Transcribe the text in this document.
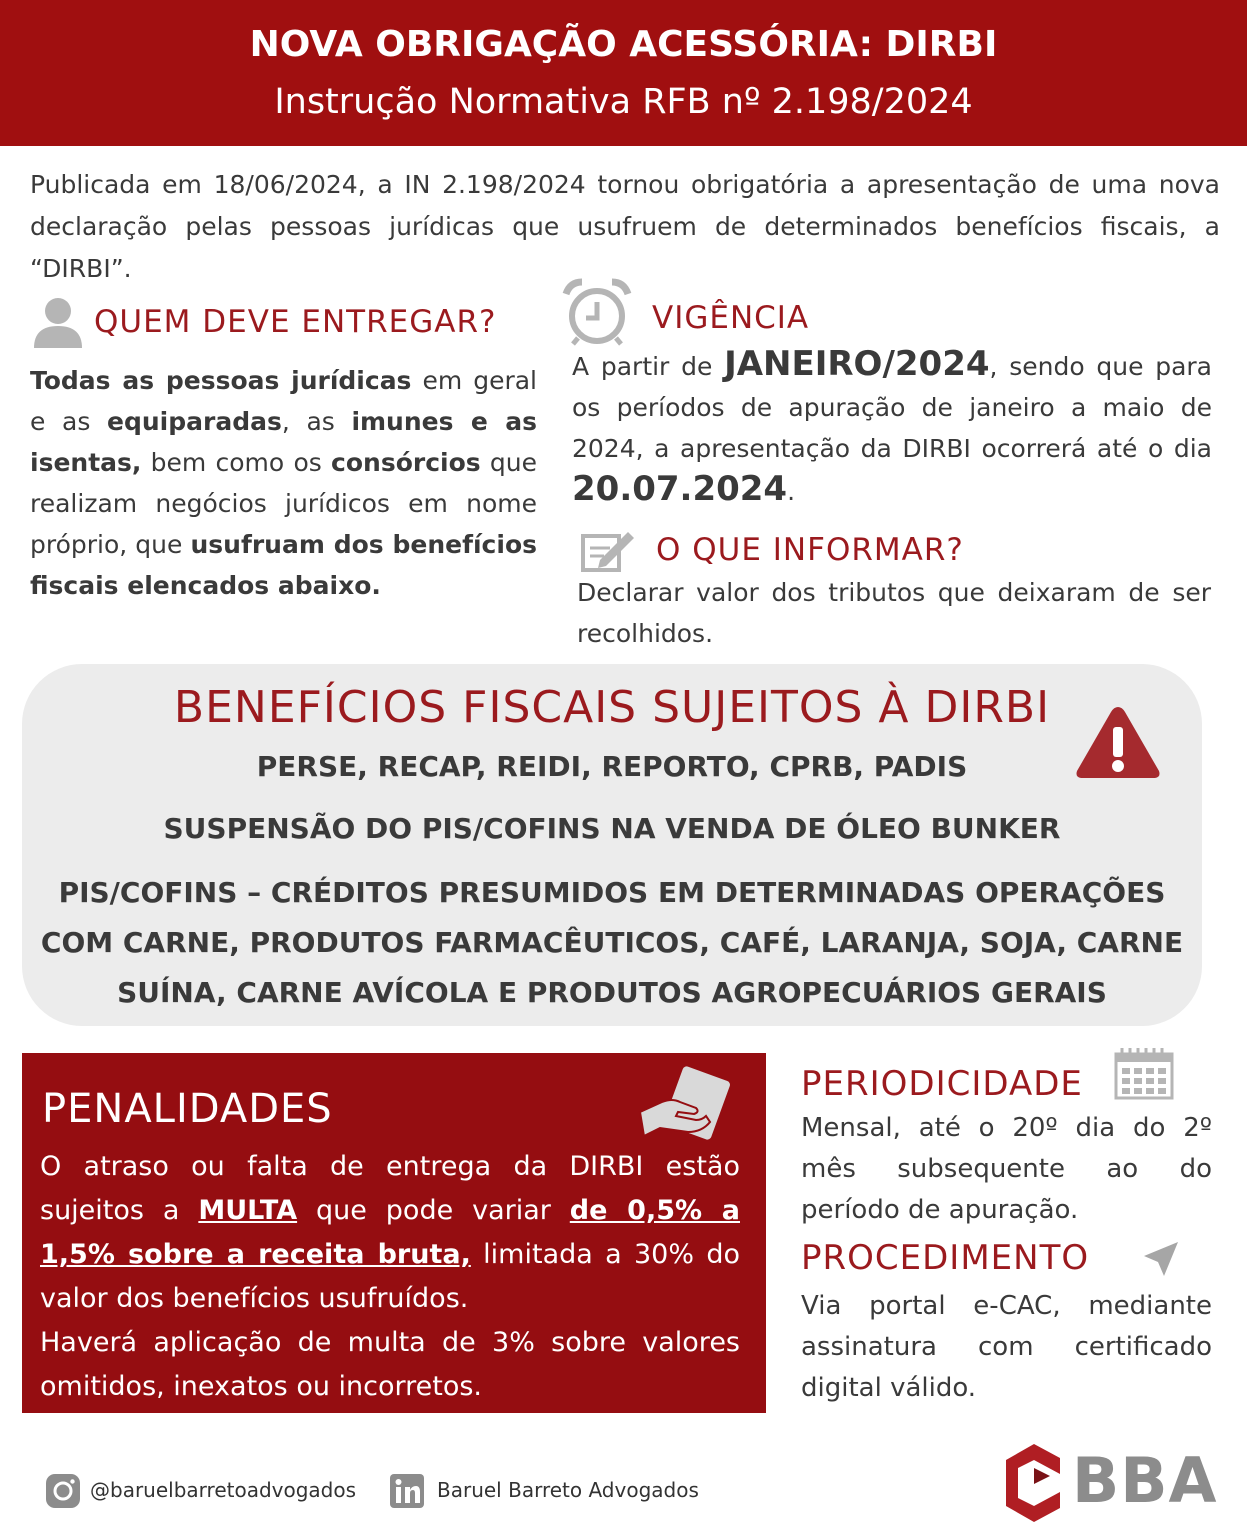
NOVA OBRIGAÇÃO ACESSÓRIA: DIRBI
Instrução Normativa RFB nº 2.198/2024
Publicada em 18/06/2024, a IN 2.198/2024 tornou obrigatória a apresentação de uma nova declaração pelas pessoas jurídicas que usufruem de determinados benefícios fiscais, a “DIRBI”.
QUEM DEVE ENTREGAR?
Todas as pessoas jurídicas em geral e as equiparadas, as imunes e as isentas, bem como os consórcios que realizam negócios jurídicos em nome próprio, que usufruam dos benefícios fiscais elencados abaixo.
VIGÊNCIA
A partir de JANEIRO/2024, sendo que para os períodos de apuração de janeiro a maio de 2024, a apresentação da DIRBI ocorrerá até o dia 20.07.2024.
O QUE INFORMAR?
Declarar valor dos tributos que deixaram de ser recolhidos.
BENEFÍCIOS FISCAIS SUJEITOS À DIRBI
PERSE, RECAP, REIDI, REPORTO, CPRB, PADIS
SUSPENSÃO DO PIS/COFINS NA VENDA DE ÓLEO BUNKER
PIS/COFINS – CRÉDITOS PRESUMIDOS EM DETERMINADAS OPERAÇÕES COM CARNE, PRODUTOS FARMACÊUTICOS, CAFÉ, LARANJA, SOJA, CARNE SUÍNA, CARNE AVÍCOLA E PRODUTOS AGROPECUÁRIOS GERAIS
PENALIDADES
O atraso ou falta de entrega da DIRBI estão sujeitos a MULTA que pode variar de 0,5% a 1,5% sobre a receita bruta, limitada a 30% do valor dos benefícios usufruídos.
Haverá aplicação de multa de 3% sobre valores omitidos, inexatos ou incorretos.
PERIODICIDADE
Mensal, até o 20º dia do 2º mês subsequente ao do período de apuração.
PROCEDIMENTO
Via portal e-CAC, mediante assinatura com certificado digital válido.
@baruelbarretoadvogados	Baruel Barreto Advogados	BBA
